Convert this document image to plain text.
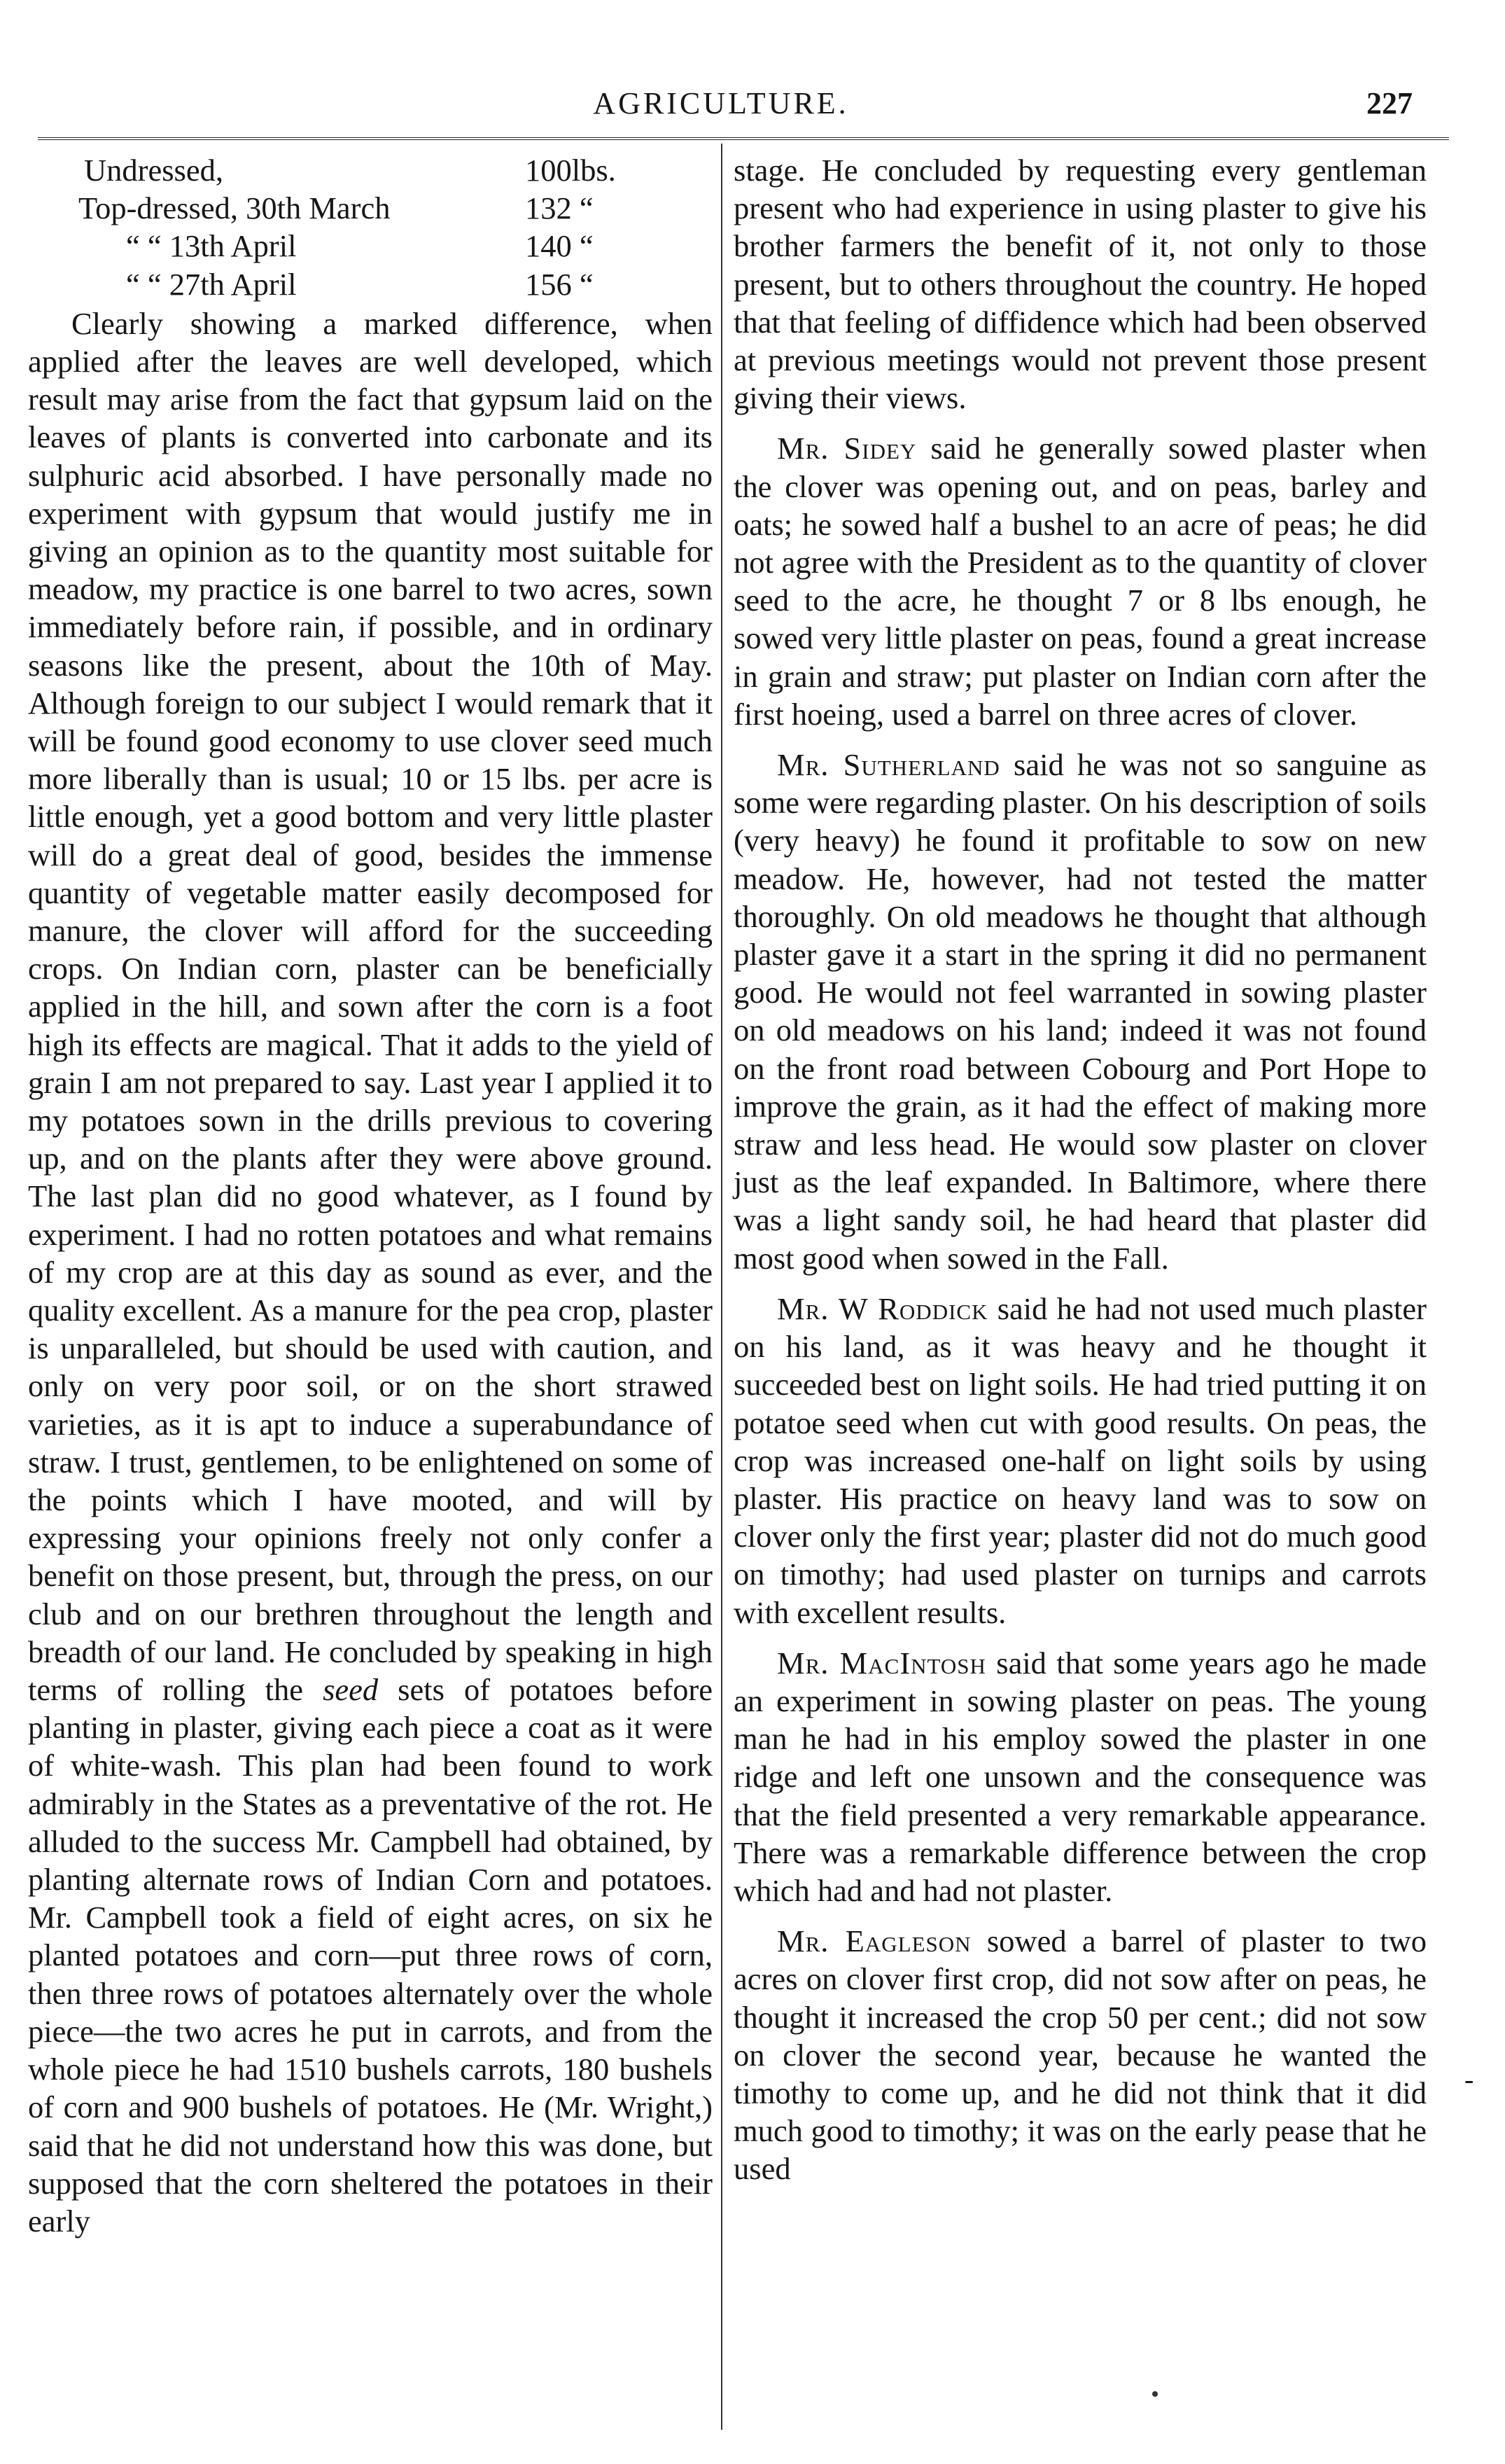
AGRICULTURE.	227
Undressed,	100lbs.
Top-dressed, 30th March	132 “
“ “ 13th April	140 “
“ “ 27th April	156 “

Clearly showing a marked difference, when applied after the leaves are well developed, which result may arise from the fact that gypsum laid on the leaves of plants is converted into carbonate and its sulphuric acid absorbed. I have personally made no experiment with gypsum that would justify me in giving an opinion as to the quantity most suitable for meadow, my practice is one barrel to two acres, sown immediately before rain, if possible, and in ordinary seasons like the present, about the 10th of May. Although foreign to our subject I would remark that it will be found good economy to use clover seed much more liberally than is usual; 10 or 15 lbs. per acre is little enough, yet a good bottom and very little plaster will do a great deal of good, besides the immense quantity of vegetable matter easily decomposed for manure, the clover will afford for the succeeding crops. On Indian corn, plaster can be beneficially applied in the hill, and sown after the corn is a foot high its effects are magical. That it adds to the yield of grain I am not prepared to say. Last year I applied it to my potatoes sown in the drills previous to covering up, and on the plants after they were above ground. The last plan did no good whatever, as I found by experiment. I had no rotten potatoes and what remains of my crop are at this day as sound as ever, and the quality excellent. As a manure for the pea crop, plaster is unparalleled, but should be used with caution, and only on very poor soil, or on the short strawed varieties, as it is apt to induce a superabundance of straw. I trust, gentlemen, to be enlightened on some of the points which I have mooted, and will by expressing your opinions freely not only confer a benefit on those present, but, through the press, on our club and on our brethren throughout the length and breadth of our land. He concluded by speaking in high terms of rolling the seed sets of potatoes before planting in plaster, giving each piece a coat as it were of white-wash. This plan had been found to work admirably in the States as a preventative of the rot. He alluded to the success Mr. Campbell had obtained, by planting alternate rows of Indian Corn and potatoes. Mr. Campbell took a field of eight acres, on six he planted potatoes and corn—put three rows of corn, then three rows of potatoes alternately over the whole piece—the two acres he put in carrots, and from the whole piece he had 1510 bushels carrots, 180 bushels of corn and 900 bushels of potatoes. He (Mr. Wright,) said that he did not understand how this was done, but supposed that the corn sheltered the potatoes in their early

stage. He concluded by requesting every gentleman present who had experience in using plaster to give his brother farmers the benefit of it, not only to those present, but to others throughout the country. He hoped that that feeling of diffidence which had been observed at previous meetings would not prevent those present giving their views.

Mr. Sidey said he generally sowed plaster when the clover was opening out, and on peas, barley and oats; he sowed half a bushel to an acre of peas; he did not agree with the President as to the quantity of clover seed to the acre, he thought 7 or 8 lbs enough, he sowed very little plaster on peas, found a great increase in grain and straw; put plaster on Indian corn after the first hoeing, used a barrel on three acres of clover.

Mr. Sutherland said he was not so sanguine as some were regarding plaster. On his description of soils (very heavy) he found it profitable to sow on new meadow. He, however, had not tested the matter thoroughly. On old meadows he thought that although plaster gave it a start in the spring it did no permanent good. He would not feel warranted in sowing plaster on old meadows on his land; indeed it was not found on the front road between Cobourg and Port Hope to improve the grain, as it had the effect of making more straw and less head. He would sow plaster on clover just as the leaf expanded. In Baltimore, where there was a light sandy soil, he had heard that plaster did most good when sowed in the Fall.

Mr. W Roddick said he had not used much plaster on his land, as it was heavy and he thought it succeeded best on light soils. He had tried putting it on potatoe seed when cut with good results. On peas, the crop was increased one-half on light soils by using plaster. His practice on heavy land was to sow on clover only the first year; plaster did not do much good on timothy; had used plaster on turnips and carrots with excellent results.

Mr. MacIntosh said that some years ago he made an experiment in sowing plaster on peas. The young man he had in his employ sowed the plaster in one ridge and left one unsown and the consequence was that the field presented a very remarkable appearance. There was a remarkable difference between the crop which had and had not plaster.

Mr. Eagleson sowed a barrel of plaster to two acres on clover first crop, did not sow after on peas, he thought it increased the crop 50 per cent.; did not sow on clover the second year, because he wanted the timothy to come up, and he did not think that it did much good to timothy; it was on the early pease that he used

-
